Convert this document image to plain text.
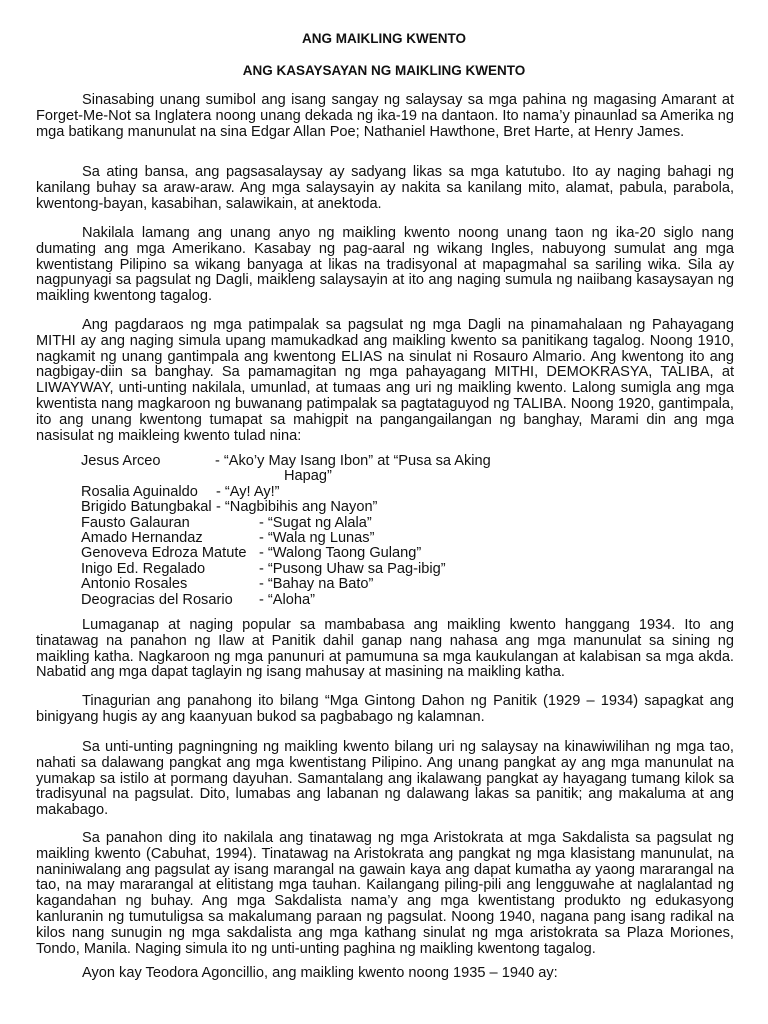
ANG MAIKLING KWENTO
ANG KASAYSAYAN NG MAIKLING KWENTO

Sinasabing unang sumibol ang isang sangay ng salaysay sa mga pahina ng magasing Amarant at Forget-Me-Not sa Inglatera noong unang dekada ng ika-19 na dantaon. Ito nama’y pinaunlad sa Amerika ng mga batikang manunulat na sina Edgar Allan Poe; Nathaniel Hawthone, Bret Harte, at Henry James.

Sa ating bansa, ang pagsasalaysay ay sadyang likas sa mga katutubo. Ito ay naging bahagi ng kanilang buhay sa araw-araw. Ang mga salaysayin ay nakita sa kanilang mito, alamat, pabula, parabola, kwentong-bayan, kasabihan, salawikain, at anektoda.

Nakilala lamang ang unang anyo ng maikling kwento noong unang taon ng ika-20 siglo nang dumating ang mga Amerikano. Kasabay ng pag-aaral ng wikang Ingles, nabuyong sumulat ang mga kwentistang Pilipino sa wikang banyaga at likas na tradisyonal at mapagmahal sa sariling wika. Sila ay nagpunyagi sa pagsulat ng Dagli, maikleng salaysayin at ito ang naging sumula ng naiibang kasaysayan ng maikling kwentong tagalog.

Ang pagdaraos ng mga patimpalak sa pagsulat ng mga Dagli na pinamahalaan ng Pahayagang MITHI ay ang naging simula upang mamukadkad ang maikling kwento sa panitikang tagalog. Noong 1910, nagkamit ng unang gantimpala ang kwentong ELIAS na sinulat ni Rosauro Almario. Ang kwentong ito ang nagbigay-diin sa banghay. Sa pamamagitan ng mga pahayagang MITHI, DEMOKRASYA, TALIBA, at LIWAYWAY, unti-unting nakilala, umunlad, at tumaas ang uri ng maikling kwento. Lalong sumigla ang mga kwentista nang magkaroon ng buwanang patimpalak sa pagtataguyod ng TALIBA. Noong 1920, gantimpala, ito ang unang kwentong tumapat sa mahigpit na pangangailangan ng banghay, Marami din ang mga nasisulat ng maikleing kwento tulad nina:

Jesus Arceo	- “Ako’y May Isang Ibon” at “Pusa sa Aking
Hapag”
Rosalia Aguinaldo - “Ay! Ay!”
Brigido Batungbakal - “Nagbibihis ang Nayon”
Fausto Galauran	- “Sugat ng Alala”
Amado Hernandaz	- “Wala ng Lunas”
Genoveva Edroza Matute - “Walong Taong Gulang”
Inigo Ed. Regalado	- “Pusong Uhaw sa Pag-ibig”
Antonio Rosales	- “Bahay na Bato”
Deogracias del Rosario - “Aloha”

Lumaganap at naging popular sa mambabasa ang maikling kwento hanggang 1934. Ito ang tinatawag na panahon ng Ilaw at Panitik dahil ganap nang nahasa ang mga manunulat sa sining ng maikling katha. Nagkaroon ng mga panunuri at pamumuna sa mga kaukulangan at kalabisan sa mga akda. Nabatid ang mga dapat taglayin ng isang mahusay at masining na maikling katha.

Tinagurian ang panahong ito bilang “Mga Gintong Dahon ng Panitik (1929 – 1934) sapagkat ang binigyang hugis ay ang kaanyuan bukod sa pagbabago ng kalamnan.

Sa unti-unting pagningning ng maikling kwento bilang uri ng salaysay na kinawiwilihan ng mga tao, nahati sa dalawang pangkat ang mga kwentistang Pilipino. Ang unang pangkat ay ang mga manunulat na yumakap sa istilo at pormang dayuhan. Samantalang ang ikalawang pangkat ay hayagang tumang kilok sa tradisyunal na pagsulat. Dito, lumabas ang labanan ng dalawang lakas sa panitik; ang makaluma at ang makabago.

Sa panahon ding ito nakilala ang tinatawag ng mga Aristokrata at mga Sakdalista sa pagsulat ng maikling kwento (Cabuhat, 1994). Tinatawag na Aristokrata ang pangkat ng mga klasistang manunulat, na naniniwalang ang pagsulat ay isang marangal na gawain kaya ang dapat kumatha ay yaong mararangal na tao, na may mararangal at elitistang mga tauhan. Kailangang piling-pili ang lengguwahe at naglalantad ng kagandahan ng buhay. Ang mga Sakdalista nama’y ang mga kwentistang produkto ng edukasyong kanluranin ng tumutuligsa sa makalumang paraan ng pagsulat. Noong 1940, nagana pang isang radikal na kilos nang sunugin ng mga sakdalista ang mga kathang sinulat ng mga aristokrata sa Plaza Moriones, Tondo, Manila. Naging simula ito ng unti-unting paghina ng maikling kwentong tagalog.

Ayon kay Teodora Agoncillio, ang maikling kwento noong 1935 – 1940 ay:
